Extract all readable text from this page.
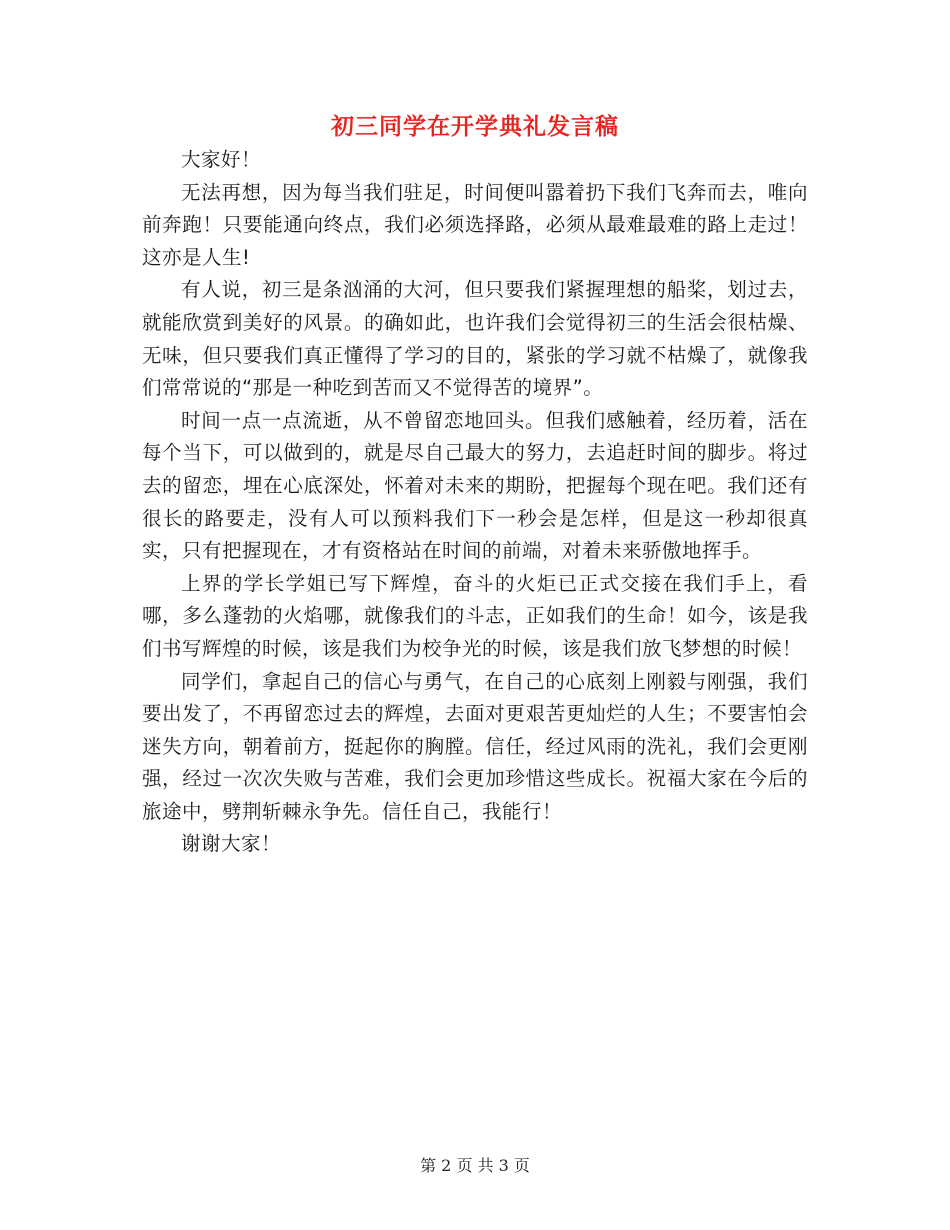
初三同学在开学典礼发言稿

大家好！

无法再想，因为每当我们驻足，时间便叫嚣着扔下我们飞奔而去，唯向前奔跑！只要能通向终点，我们必须选择路，必须从最难最难的路上走过！这亦是人生!

有人说，初三是条汹涌的大河，但只要我们紧握理想的船桨，划过去，就能欣赏到美好的风景。的确如此，也许我们会觉得初三的生活会很枯燥、无味，但只要我们真正懂得了学习的目的，紧张的学习就不枯燥了，就像我们常常说的“那是一种吃到苦而又不觉得苦的境界”。

时间一点一点流逝，从不曾留恋地回头。但我们感触着，经历着，活在每个当下，可以做到的，就是尽自己最大的努力，去追赶时间的脚步。将过去的留恋，埋在心底深处，怀着对未来的期盼，把握每个现在吧。我们还有很长的路要走，没有人可以预料我们下一秒会是怎样，但是这一秒却很真实，只有把握现在，才有资格站在时间的前端，对着未来骄傲地挥手。

上界的学长学姐已写下辉煌，奋斗的火炬已正式交接在我们手上，看哪，多么蓬勃的火焰哪，就像我们的斗志，正如我们的生命！如今，该是我们书写辉煌的时候，该是我们为校争光的时候，该是我们放飞梦想的时候！

同学们，拿起自己的信心与勇气，在自己的心底刻上刚毅与刚强，我们要出发了，不再留恋过去的辉煌，去面对更艰苦更灿烂的人生；不要害怕会迷失方向，朝着前方，挺起你的胸膛。信任，经过风雨的洗礼，我们会更刚强，经过一次次失败与苦难，我们会更加珍惜这些成长。祝福大家在今后的旅途中，劈荆斩棘永争先。信任自己，我能行！

谢谢大家！

第 2 页 共 3 页
